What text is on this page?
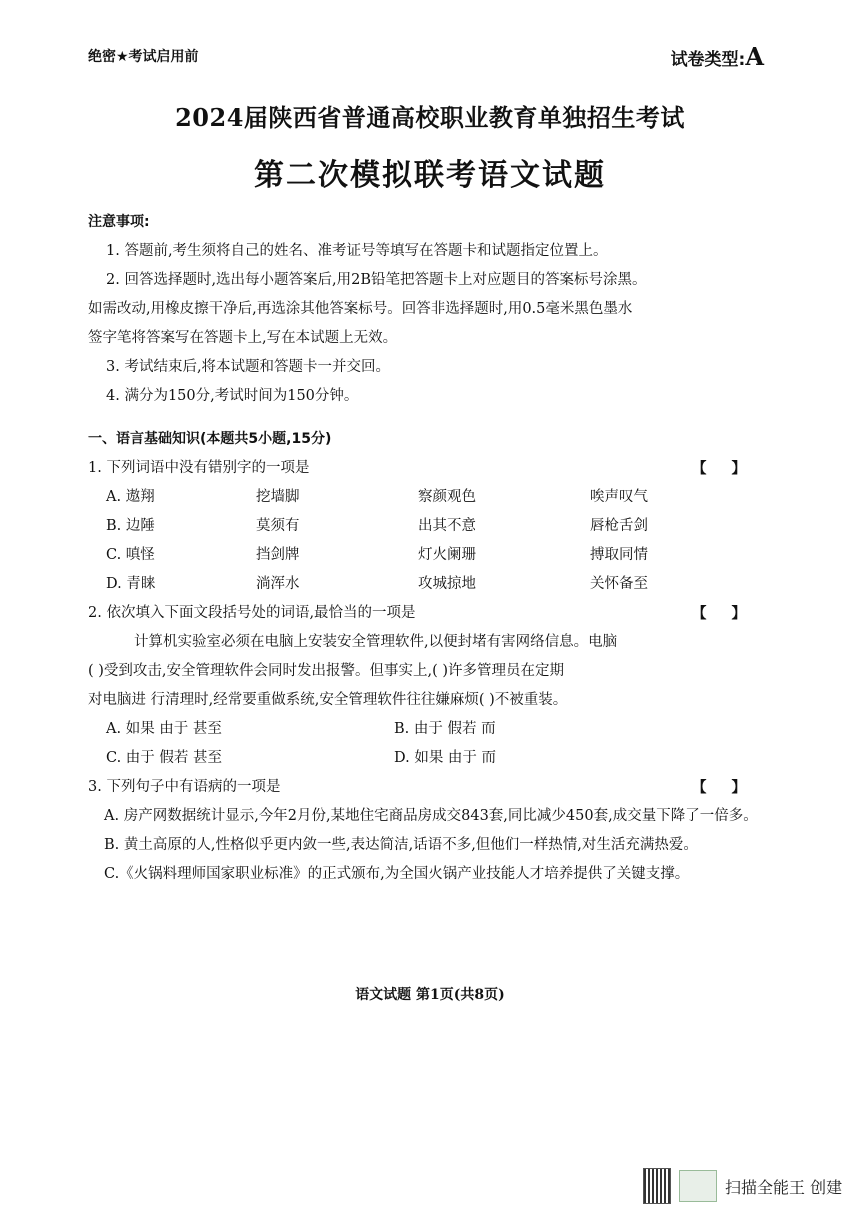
绝密★考试启用前	试卷类型:A
2024届陕西省普通高校职业教育单独招生考试
第二次模拟联考语文试题
注意事项:
1. 答题前,考生须将自己的姓名、准考证号等填写在答题卡和试题指定位置上。
2. 回答选择题时,选出每小题答案后,用2B铅笔把答题卡上对应题目的答案标号涂黑。
如需改动,用橡皮擦干净后,再选涂其他答案标号。回答非选择题时,用0.5毫米黑色墨水
签字笔将答案写在答题卡上,写在本试题上无效。
3. 考试结束后,将本试题和答题卡一并交回。
4. 满分为150分,考试时间为150分钟。
一、语言基础知识(本题共5小题,15分)
1. 下列词语中没有错别字的一项是	【 】
A. 遨翔	挖墙脚	察颜观色	唉声叹气
B. 边陲	莫须有	出其不意	唇枪舌剑
C. 嗔怪	挡剑牌	灯火阑珊	搏取同情
D. 青睐	淌浑水	攻城掠地	关怀备至
2. 依次填入下面文段括号处的词语,最恰当的一项是	【 】
计算机实验室必须在电脑上安装安全管理软件,以便封堵有害网络信息。电脑
( )受到攻击,安全管理软件会同时发出报警。但事实上,( )许多管理员在定期
对电脑进 行清理时,经常要重做系统,安全管理软件往往嫌麻烦( )不被重装。
A. 如果 由于 甚至	B. 由于 假若 而
C. 由于 假若 甚至	D. 如果 由于 而
3. 下列句子中有语病的一项是	【 】
A. 房产网数据统计显示,今年2月份,某地住宅商品房成交843套,同比减少450套,成交量下降了一倍多。
B. 黄土高原的人,性格似乎更内敛一些,表达简洁,话语不多,但他们一样热情,对生活充满热爱。
C.《火锅料理师国家职业标准》的正式颁布,为全国火锅产业技能人才培养提供了关键支撑。
语文试题 第1页(共8页)
扫描全能王 创建
